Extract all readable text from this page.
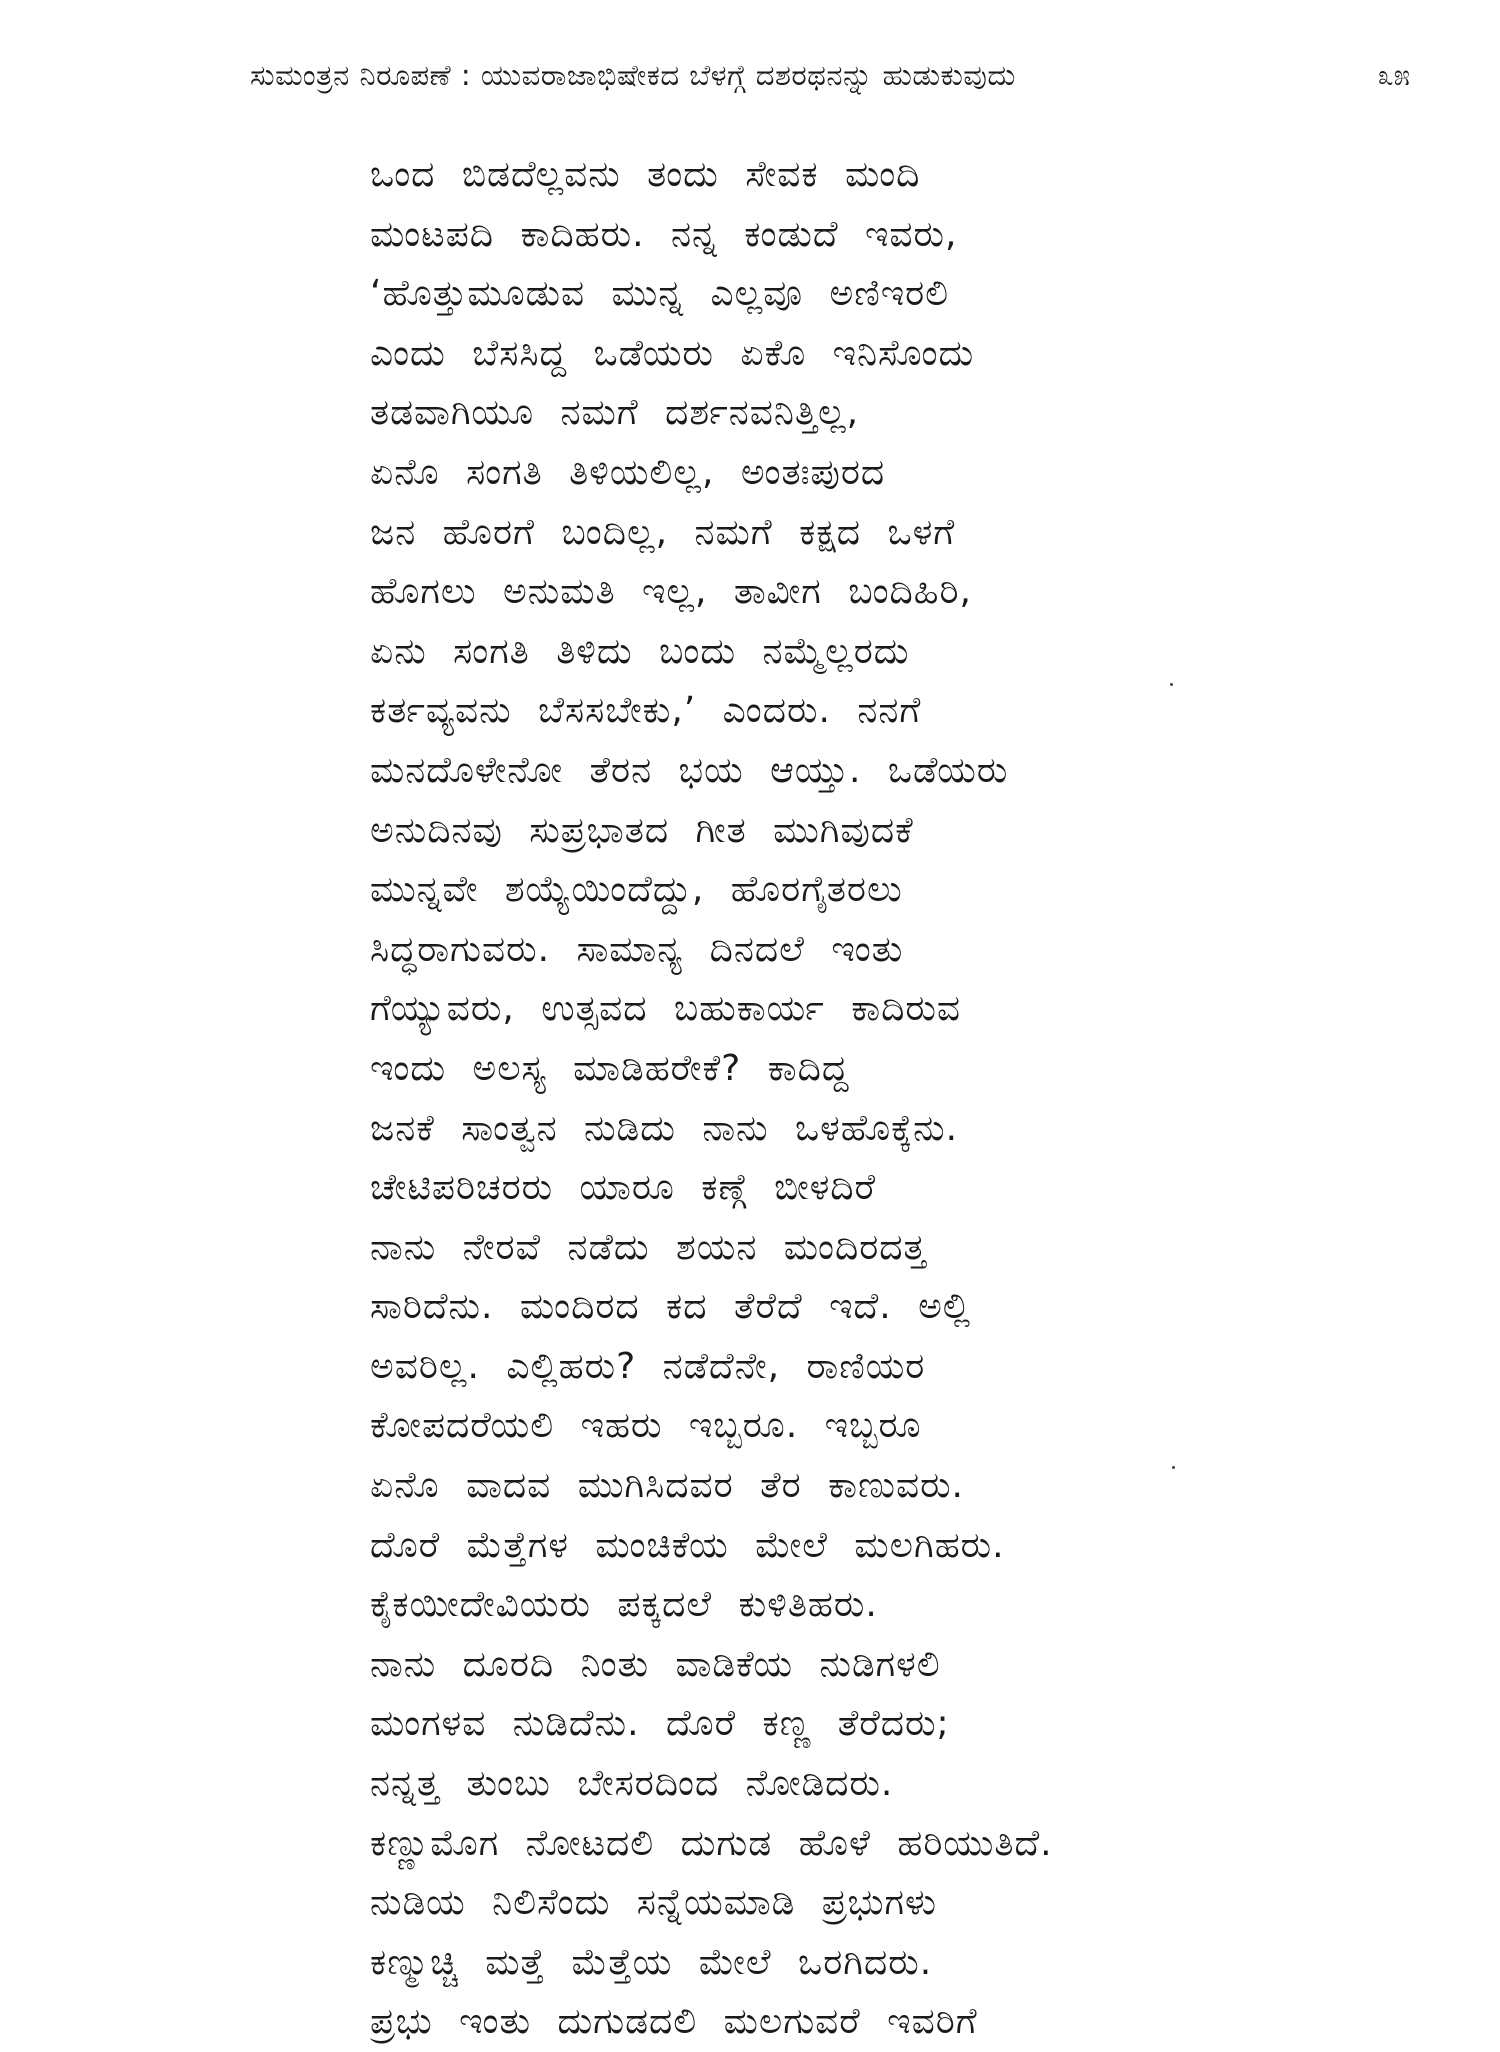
ಸುಮಂತ್ರನ ನಿರೂಪಣೆ : ಯುವರಾಜಾಭಿಷೇಕದ ಬೆಳಗ್ಗೆ ದಶರಥನನ್ನು ಹುಡುಕುವುದು	೩೫
ಒಂದ ಬಿಡದೆಲ್ಲವನು ತಂದು ಸೇವಕ ಮಂದಿ
ಮಂಟಪದಿ ಕಾದಿಹರು. ನನ್ನ ಕಂಡುದೆ ಇವರು,
‘ಹೊತ್ತುಮೂಡುವ ಮುನ್ನ ಎಲ್ಲವೂ ಅಣಿಇರಲಿ
ಎಂದು ಬೆಸಸಿದ್ದ ಒಡೆಯರು ಏಕೊ ಇನಿಸೊಂದು
ತಡವಾಗಿಯೂ ನಮಗೆ ದರ್ಶನವನಿತ್ತಿಲ್ಲ,
ಏನೊ ಸಂಗತಿ ತಿಳಿಯಲಿಲ್ಲ, ಅಂತಃಪುರದ
ಜನ ಹೊರಗೆ ಬಂದಿಲ್ಲ, ನಮಗೆ ಕಕ್ಷದ ಒಳಗೆ
ಹೊಗಲು ಅನುಮತಿ ಇಲ್ಲ, ತಾವೀಗ ಬಂದಿಹಿರಿ,
ಏನು ಸಂಗತಿ ತಿಳಿದು ಬಂದು ನಮ್ಮೆಲ್ಲರದು
ಕರ್ತವ್ಯವನು ಬೆಸಸಬೇಕು,’ ಎಂದರು. ನನಗೆ
ಮನದೊಳೇನೋ ತೆರನ ಭಯ ಆಯ್ತು. ಒಡೆಯರು
ಅನುದಿನವು ಸುಪ್ರಭಾತದ ಗೀತ ಮುಗಿವುದಕೆ
ಮುನ್ನವೇ ಶಯ್ಯೆಯಿಂದೆದ್ದು, ಹೊರಗೈತರಲು
ಸಿದ್ಧರಾಗುವರು. ಸಾಮಾನ್ಯ ದಿನದಲೆ ಇಂತು
ಗೆಯ್ಯುವರು, ಉತ್ಸವದ ಬಹುಕಾರ್ಯ ಕಾದಿರುವ
ಇಂದು ಅಲಸ್ಯ ಮಾಡಿಹರೇಕೆ? ಕಾದಿದ್ದ
ಜನಕೆ ಸಾಂತ್ವನ ನುಡಿದು ನಾನು ಒಳಹೊಕ್ಕೆನು.
ಚೇಟಿಪರಿಚರರು ಯಾರೂ ಕಣ್ಗೆ ಬೀಳದಿರೆ
ನಾನು ನೇರವೆ ನಡೆದು ಶಯನ ಮಂದಿರದತ್ತ
ಸಾರಿದೆನು. ಮಂದಿರದ ಕದ ತೆರೆದೆ ಇದೆ. ಅಲ್ಲಿ
ಅವರಿಲ್ಲ. ಎಲ್ಲಿಹರು? ನಡೆದೆನೇ, ರಾಣಿಯರ
ಕೋಪದರೆಯಲಿ ಇಹರು ಇಬ್ಬರೂ. ಇಬ್ಬರೂ
ಏನೊ ವಾದವ ಮುಗಿಸಿದವರ ತೆರ ಕಾಣುವರು.
ದೊರೆ ಮೆತ್ತೆಗಳ ಮಂಚಿಕೆಯ ಮೇಲೆ ಮಲಗಿಹರು.
ಕೈಕಯೀದೇವಿಯರು ಪಕ್ಕದಲೆ ಕುಳಿತಿಹರು.
ನಾನು ದೂರದಿ ನಿಂತು ವಾಡಿಕೆಯ ನುಡಿಗಳಲಿ
ಮಂಗಳವ ನುಡಿದೆನು. ದೊರೆ ಕಣ್ಣ ತೆರೆದರು;
ನನ್ನತ್ತ ತುಂಬು ಬೇಸರದಿಂದ ನೋಡಿದರು.
ಕಣ್ಣುಮೊಗ ನೋಟದಲಿ ದುಗುಡ ಹೊಳೆ ಹರಿಯುತಿದೆ.
ನುಡಿಯ ನಿಲಿಸೆಂದು ಸನ್ನೆಯಮಾಡಿ ಪ್ರಭುಗಳು
ಕಣ್ಮುಚ್ಚಿ ಮತ್ತೆ ಮೆತ್ತೆಯ ಮೇಲೆ ಒರಗಿದರು.
ಪ್ರಭು ಇಂತು ದುಗುಡದಲಿ ಮಲಗುವರೆ ಇವರಿಗೆ
